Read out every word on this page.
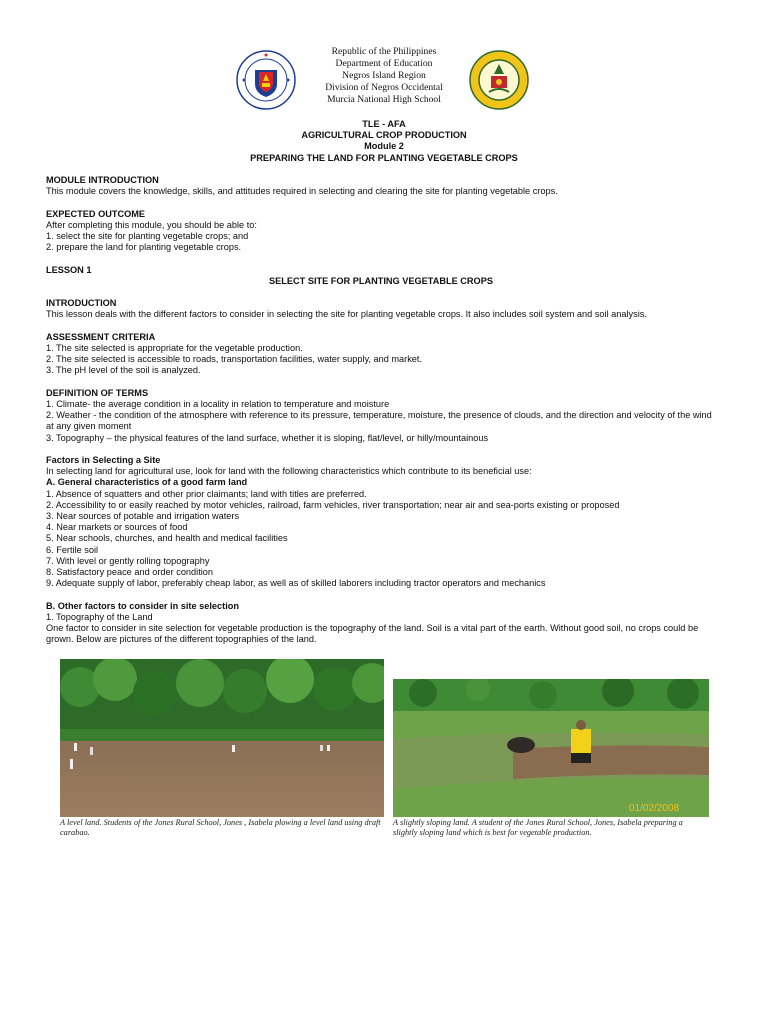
Republic of the Philippines
Department of Education
Negros Island Region
Division of Negros Occidental
Murcia National High School
TLE - AFA
AGRICULTURAL CROP PRODUCTION
Module 2
PREPARING THE LAND FOR PLANTING VEGETABLE CROPS

MODULE INTRODUCTION

This module covers the knowledge, skills, and attitudes required in selecting and clearing the site for planting vegetable crops.

EXPECTED OUTCOME

After completing this module, you should be able to:

1. select the site for planting vegetable crops; and

2. prepare the land for planting vegetable crops.

LESSON 1

SELECT SITE FOR PLANTING VEGETABLE CROPS

INTRODUCTION

This lesson deals with the different factors to consider in selecting the site for planting vegetable crops. It also includes soil system and soil analysis.

ASSESSMENT CRITERIA

1. The site selected is appropriate for the vegetable production.

2. The site selected is accessible to roads, transportation facilities, water supply, and market.

3. The pH level of the soil is analyzed.

DEFINITION OF TERMS

1. Climate- the average condition in a locality in relation to temperature and moisture

2. Weather - the condition of the atmosphere with reference to its pressure, temperature, moisture, the presence of clouds, and the direction and velocity of the wind at any given moment

3. Topography – the physical features of the land surface, whether it is sloping, flat/level, or hilly/mountainous

Factors in Selecting a Site

In selecting land for agricultural use, look for land with the following characteristics which contribute to its beneficial use:

A. General characteristics of a good farm land

1. Absence of squatters and other prior claimants; land with titles are preferred.

2. Accessibility to or easily reached by motor vehicles, railroad, farm vehicles, river transportation; near air and sea-ports existing or proposed

3. Near sources of potable and irrigation waters

4. Near markets or sources of food

5. Near schools, churches, and health and medical facilities

6. Fertile soil

7. With level or gently rolling topography

8. Satisfactory peace and order condition

9. Adequate supply of labor, preferably cheap labor, as well as of skilled laborers including tractor operators and mechanics

B. Other factors to consider in site selection

1. Topography of the Land

One factor to consider in site selection for vegetable production is the topography of the land. Soil is a vital part of the earth. Without good soil, no crops could be grown. Below are pictures of the different topographies of the land.

01/02/2008
A level land. Students of the Jones Rural School, Jones , Isabela plowing a level land using draft carabao.
A slightly sloping land. A student of the Jones Rural School, Jones, Isabela preparing a slightly sloping land which is best for vegetable production.
